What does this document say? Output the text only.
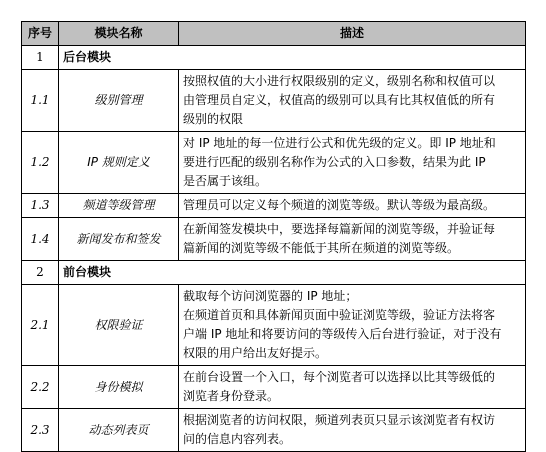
序号	模块名称	描述
1	后台模块	
1.1	级别管理	按照权值的大小进行权限级别的定义，级别名称和权值可以
由管理员自定义，权值高的级别可以具有比其权值低的所有
级别的权限

1.2	IP 规则定义	对 IP 地址的每一位进行公式和优先级的定义。即 IP 地址和
要进行匹配的级别名称作为公式的入口参数，结果为此 IP
是否属于该组。

1.3	频道等级管理	管理员可以定义每个频道的浏览等级。默认等级为最高级。

1.4	新闻发布和签发	在新闻签发模块中，要选择每篇新闻的浏览等级，并验证每
篇新闻的浏览等级不能低于其所在频道的浏览等级。

2	前台模块	
2.1	权限验证	截取每个访问浏览器的 IP 地址；
在频道首页和具体新闻页面中验证浏览等级，验证方法将客
户端 IP 地址和将要访问的等级传入后台进行验证，对于没有
权限的用户给出友好提示。

2.2	身份模拟	在前台设置一个入口，每个浏览者可以选择以比其等级低的
浏览者身份登录。

2.3	动态列表页	根据浏览者的访问权限，频道列表页只显示该浏览者有权访
问的信息内容列表。
